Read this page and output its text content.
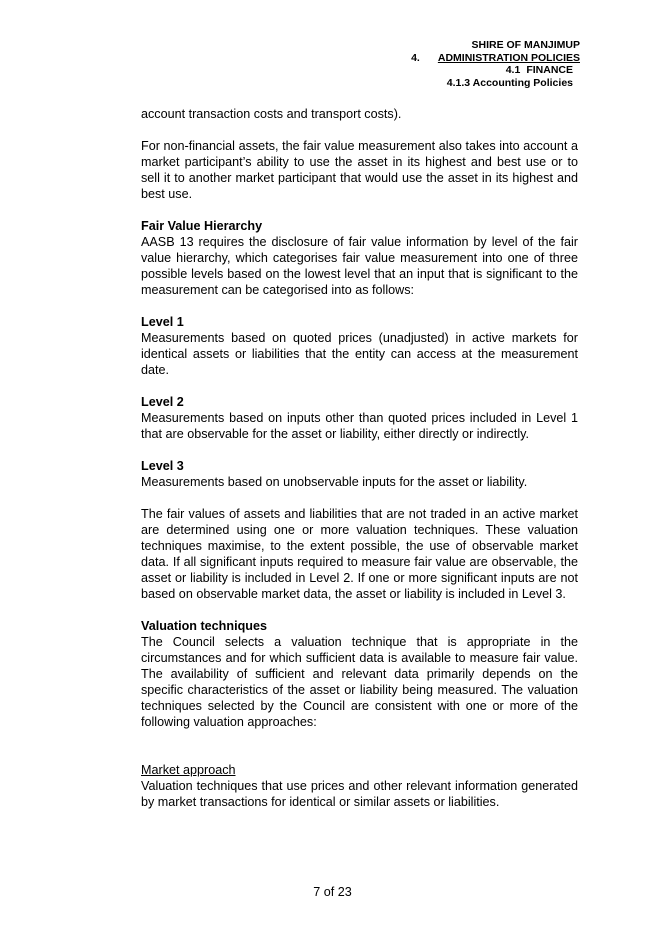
SHIRE OF MANJIMUP
4. ADMINISTRATION POLICIES
4.1 FINANCE
4.1.3 Accounting Policies

account transaction costs and transport costs).

For non-financial assets, the fair value measurement also takes into account a market participant’s ability to use the asset in its highest and best use or to sell it to another market participant that would use the asset in its highest and best use.

Fair Value Hierarchy

AASB 13 requires the disclosure of fair value information by level of the fair value hierarchy, which categorises fair value measurement into one of three possible levels based on the lowest level that an input that is significant to the measurement can be categorised into as follows:

Level 1

Measurements based on quoted prices (unadjusted) in active markets for identical assets or liabilities that the entity can access at the measurement date.

Level 2

Measurements based on inputs other than quoted prices included in Level 1 that are observable for the asset or liability, either directly or indirectly.

Level 3

Measurements based on unobservable inputs for the asset or liability.

The fair values of assets and liabilities that are not traded in an active market are determined using one or more valuation techniques. These valuation techniques maximise, to the extent possible, the use of observable market data. If all significant inputs required to measure fair value are observable, the asset or liability is included in Level 2. If one or more significant inputs are not based on observable market data, the asset or liability is included in Level 3.

Valuation techniques

The Council selects a valuation technique that is appropriate in the circumstances and for which sufficient data is available to measure fair value. The availability of sufficient and relevant data primarily depends on the specific characteristics of the asset or liability being measured. The valuation techniques selected by the Council are consistent with one or more of the following valuation approaches:

Market approach

Valuation techniques that use prices and other relevant information generated by market transactions for identical or similar assets or liabilities.

7 of 23
